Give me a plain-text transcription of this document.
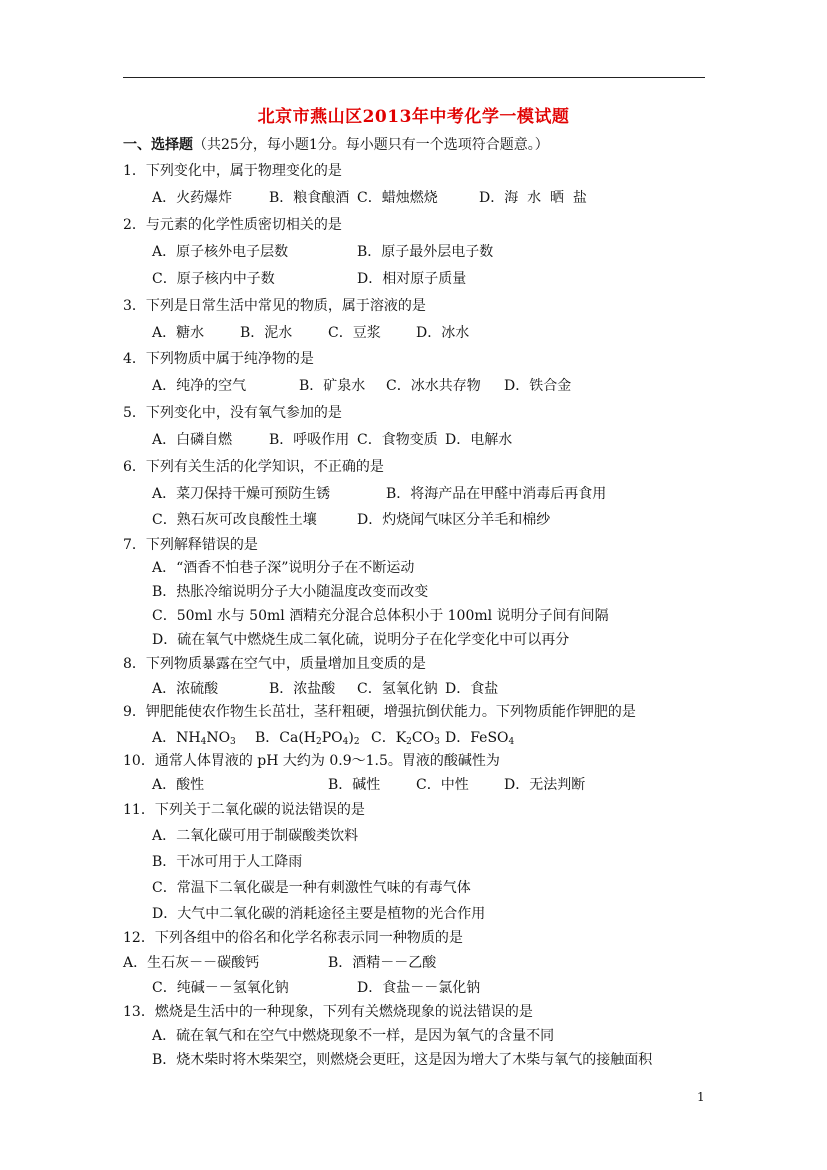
北京市燕山区2013年中考化学一模试题
一、选择题（共25分，每小题1分。每小题只有一个选项符合题意。）
1．下列变化中，属于物理变化的是
A．火药爆炸	B．粮食酿酒 C．蜡烛燃烧	D．海  水  晒  盐
2．与元素的化学性质密切相关的是
A．原子核外电子层数	B．原子最外层电子数
C．原子核内中子数	D．相对原子质量
3．下列是日常生活中常见的物质，属于溶液的是
A．糖水	B．泥水	C．豆浆	D．冰水
4．下列物质中属于纯净物的是
A．纯净的空气	B．矿泉水 C．冰水共存物 D．铁合金
5．下列变化中，没有氧气参加的是
A．白磷自燃	B．呼吸作用 C．食物变质 D．电解水
6．下列有关生活的化学知识，不正确的是
A．菜刀保持干燥可预防生锈	B．将海产品在甲醛中消毒后再食用
C．熟石灰可改良酸性土壤	D．灼烧闻气味区分羊毛和棉纱
7．下列解释错误的是
A．“酒香不怕巷子深”说明分子在不断运动
B．热胀冷缩说明分子大小随温度改变而改变
C．50ml 水与 50ml 酒精充分混合总体积小于 100ml 说明分子间有间隔
D．硫在氧气中燃烧生成二氧化硫，说明分子在化学变化中可以再分
8．下列物质暴露在空气中，质量增加且变质的是
A．浓硫酸	B．浓盐酸 C．氢氧化钠 D．食盐
9．钾肥能使农作物生长茁壮，茎秆粗硬，增强抗倒伏能力。下列物质能作钾肥的是
A．$NH_4NO_3$ B．$Ca(H_2PO_4)_2$ C．$K_2CO_3$ D．FeSO$_4$
10．通常人体胃液的 pH 大约为 0.9～1.5。胃液的酸碱性为
A．酸性	B．碱性	C．中性	D．无法判断
11．下列关于二氧化碳的说法错误的是
A．二氧化碳可用于制碳酸类饮料
B．干冰可用于人工降雨
C．常温下二氧化碳是一种有刺激性气味的有毒气体
D．大气中二氧化碳的消耗途径主要是植物的光合作用
12．下列各组中的俗名和化学名称表示同一种物质的是
A．生石灰－－碳酸钙	B．酒精－－乙酸
C．纯碱－－氢氧化钠	D．食盐－－氯化钠
13．燃烧是生活中的一种现象，下列有关燃烧现象的说法错误的是
A．硫在氧气和在空气中燃烧现象不一样，是因为氧气的含量不同
B．烧木柴时将木柴架空，则燃烧会更旺，这是因为增大了木柴与氧气的接触面积
1
